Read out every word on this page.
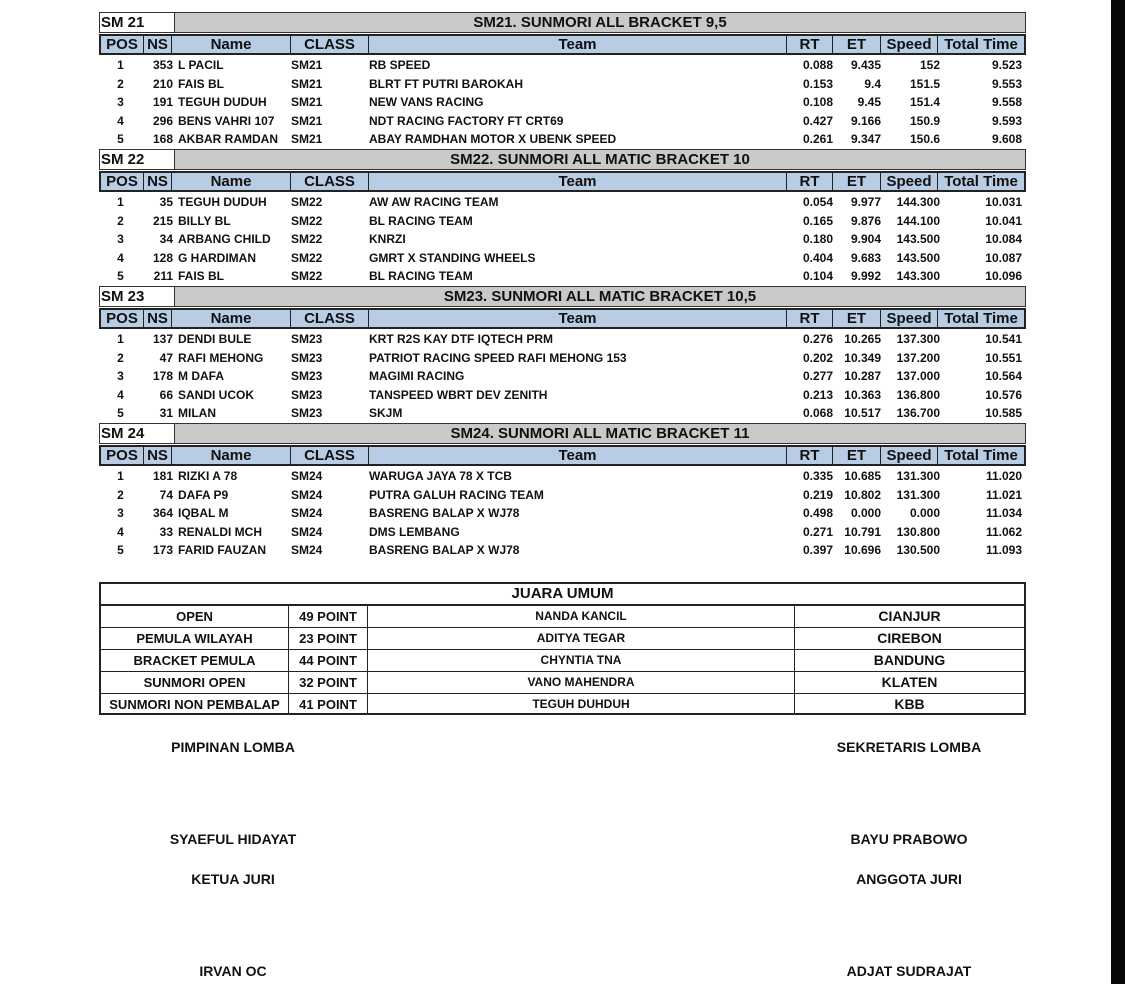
SM 21	SM21. SUNMORI ALL BRACKET 9,5
POS NS	Name	CLASS	Team	RT	ET	Speed Total Time
1	353 L PACIL	SM21	RB SPEED	0.088	9.435	152	9.523
2	210 FAIS BL	SM21	BLRT FT PUTRI BAROKAH	0.153	9.4	151.5	9.553
3	191 TEGUH DUDUH	SM21	NEW VANS RACING	0.108	9.45	151.4	9.558
4	296 BENS VAHRI 107	SM21	NDT RACING FACTORY FT CRT69	0.427	9.166	150.9	9.593
5	168 AKBAR RAMDAN	SM21	ABAY RAMDHAN MOTOR X UBENK SPEED	0.261	9.347	150.6	9.608
SM 22	SM22. SUNMORI ALL MATIC BRACKET 10
POS NS	Name	CLASS	Team	RT	ET	Speed Total Time
1	35 TEGUH DUDUH	SM22	AW AW RACING TEAM	0.054	9.977	144.300	10.031
2	215 BILLY BL	SM22	BL RACING TEAM	0.165	9.876	144.100	10.041
3	34 ARBANG CHILD	SM22	KNRZI	0.180	9.904	143.500	10.084
4	128 G HARDIMAN	SM22	GMRT X STANDING WHEELS	0.404	9.683	143.500	10.087
5	211 FAIS BL	SM22	BL RACING TEAM	0.104	9.992	143.300	10.096
SM 23	SM23. SUNMORI ALL MATIC BRACKET 10,5
POS NS	Name	CLASS	Team	RT	ET	Speed Total Time
1	137 DENDI BULE	SM23	KRT R2S KAY DTF IQTECH PRM	0.276 10.265	137.300	10.541
2	47 RAFI MEHONG	SM23	PATRIOT RACING SPEED RAFI MEHONG 153	0.202 10.349	137.200	10.551
3	178 M DAFA	SM23	MAGIMI RACING	0.277 10.287	137.000	10.564
4	66 SANDI UCOK	SM23	TANSPEED WBRT DEV ZENITH	0.213 10.363	136.800	10.576
5	31 MILAN	SM23	SKJM	0.068 10.517	136.700	10.585
SM 24	SM24. SUNMORI ALL MATIC BRACKET 11
POS NS	Name	CLASS	Team	RT	ET	Speed Total Time
1	181 RIZKI A 78	SM24	WARUGA JAYA 78 X TCB	0.335 10.685	131.300	11.020
2	74 DAFA P9	SM24	PUTRA GALUH RACING TEAM	0.219 10.802	131.300	11.021
3	364 IQBAL M	SM24	BASRENG BALAP X WJ78	0.498	0.000	0.000	11.034
4	33 RENALDI MCH	SM24	DMS LEMBANG	0.271 10.791	130.800	11.062
5	173 FARID FAUZAN	SM24	BASRENG BALAP X WJ78	0.397 10.696	130.500	11.093
JUARA UMUM
OPEN	49 POINT	NANDA KANCIL	CIANJUR
PEMULA WILAYAH	23 POINT	ADITYA TEGAR	CIREBON
BRACKET PEMULA	44 POINT	CHYNTIA TNA	BANDUNG
SUNMORI OPEN	32 POINT	VANO MAHENDRA	KLATEN
SUNMORI NON PEMBALAP	41 POINT	TEGUH DUHDUH	KBB
PIMPINAN LOMBA
SYAEFUL HIDAYAT
KETUA JURI
IRVAN OC
SEKRETARIS LOMBA
BAYU PRABOWO
ANGGOTA JURI
ADJAT SUDRAJAT
